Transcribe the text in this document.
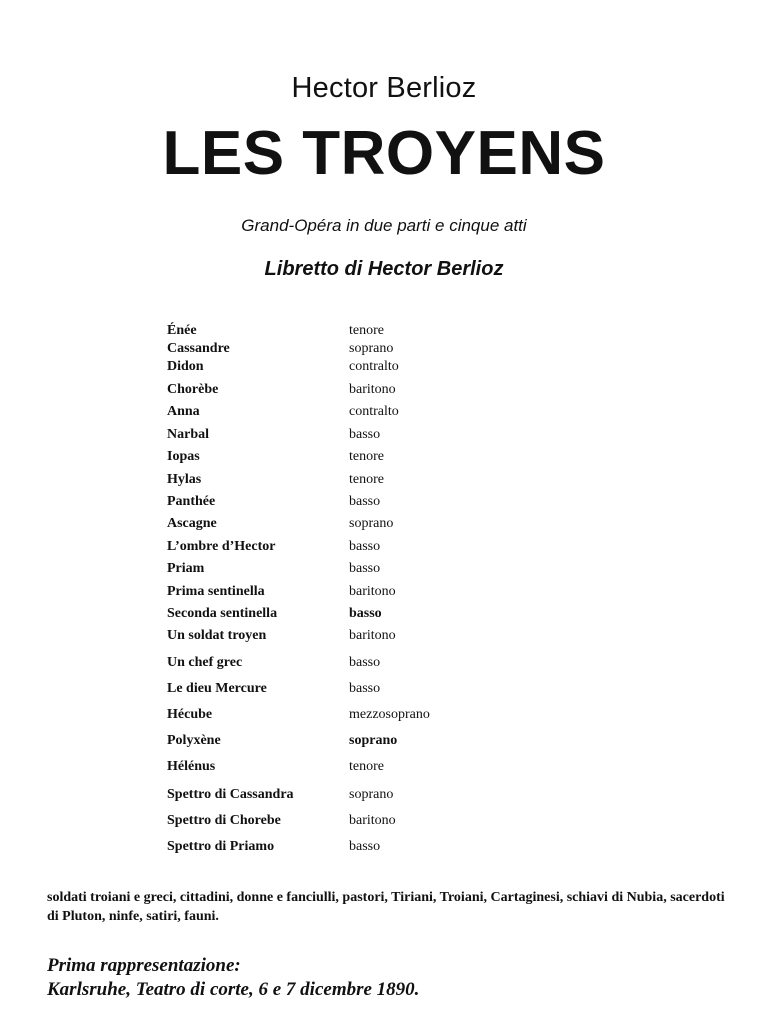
Hector Berlioz
LES TROYENS
Grand-Opéra in due parti e cinque atti
Libretto di Hector Berlioz
Énée	tenore
Cassandre	soprano
Didon	contralto
Chorèbe	baritono
Anna	contralto
Narbal	basso
Iopas	tenore
Hylas	tenore
Panthée	basso
Ascagne	soprano
L’ombre d’Hector	basso
Priam	basso
Prima sentinella	baritono
Seconda sentinella	basso
Un soldat troyen	baritono
Un chef grec	basso
Le dieu Mercure	basso
Hécube	mezzosoprano
Polyxène	soprano
Hélénus	tenore
Spettro di Cassandra	soprano
Spettro di Chorebe	baritono
Spettro di Priamo	basso
soldati troiani e greci, cittadini, donne e fanciulli, pastori, Tiriani, Troiani, Cartaginesi, schiavi di Nubia, sacerdoti di Pluton, ninfe, satiri, fauni.
Prima rappresentazione:
Karlsruhe, Teatro di corte, 6 e 7 dicembre 1890.
